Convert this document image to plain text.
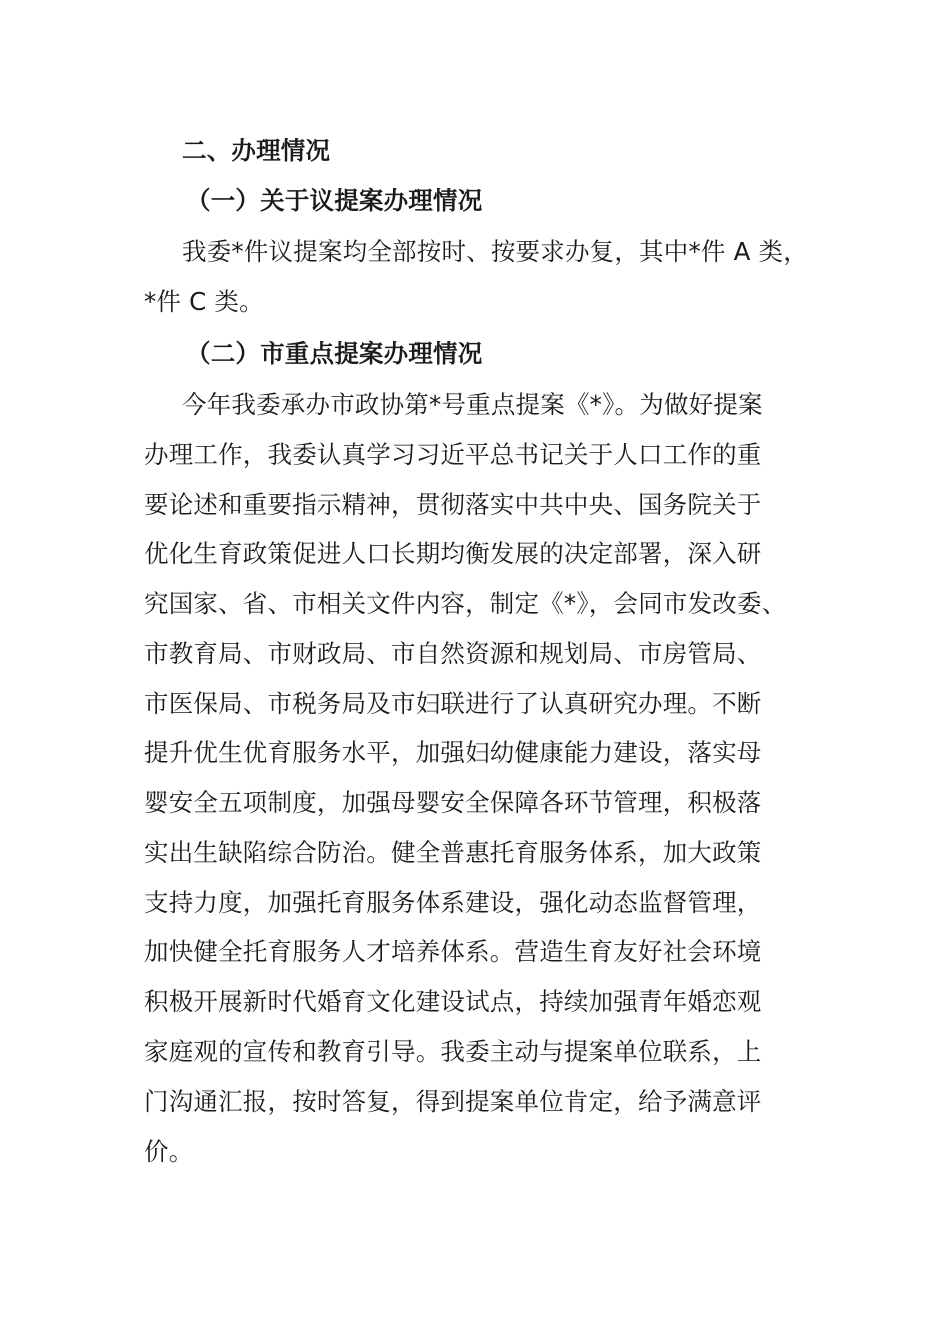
二、办理情况
（一）关于议提案办理情况
我委*件议提案均全部按时、按要求办复，其中*件 A 类，
*件 C 类。
（二）市重点提案办理情况
今年我委承办市政协第*号重点提案《*》。为做好提案
办理工作，我委认真学习习近平总书记关于人口工作的重
要论述和重要指示精神，贯彻落实中共中央、国务院关于
优化生育政策促进人口长期均衡发展的决定部署，深入研
究国家、省、市相关文件内容，制定《*》，会同市发改委、
市教育局、市财政局、市自然资源和规划局、市房管局、
市医保局、市税务局及市妇联进行了认真研究办理。不断
提升优生优育服务水平，加强妇幼健康能力建设，落实母
婴安全五项制度，加强母婴安全保障各环节管理，积极落
实出生缺陷综合防治。健全普惠托育服务体系，加大政策
支持力度，加强托育服务体系建设，强化动态监督管理，
加快健全托育服务人才培养体系。营造生育友好社会环境
积极开展新时代婚育文化建设试点，持续加强青年婚恋观
家庭观的宣传和教育引导。我委主动与提案单位联系，上
门沟通汇报，按时答复，得到提案单位肯定，给予满意评
价。
